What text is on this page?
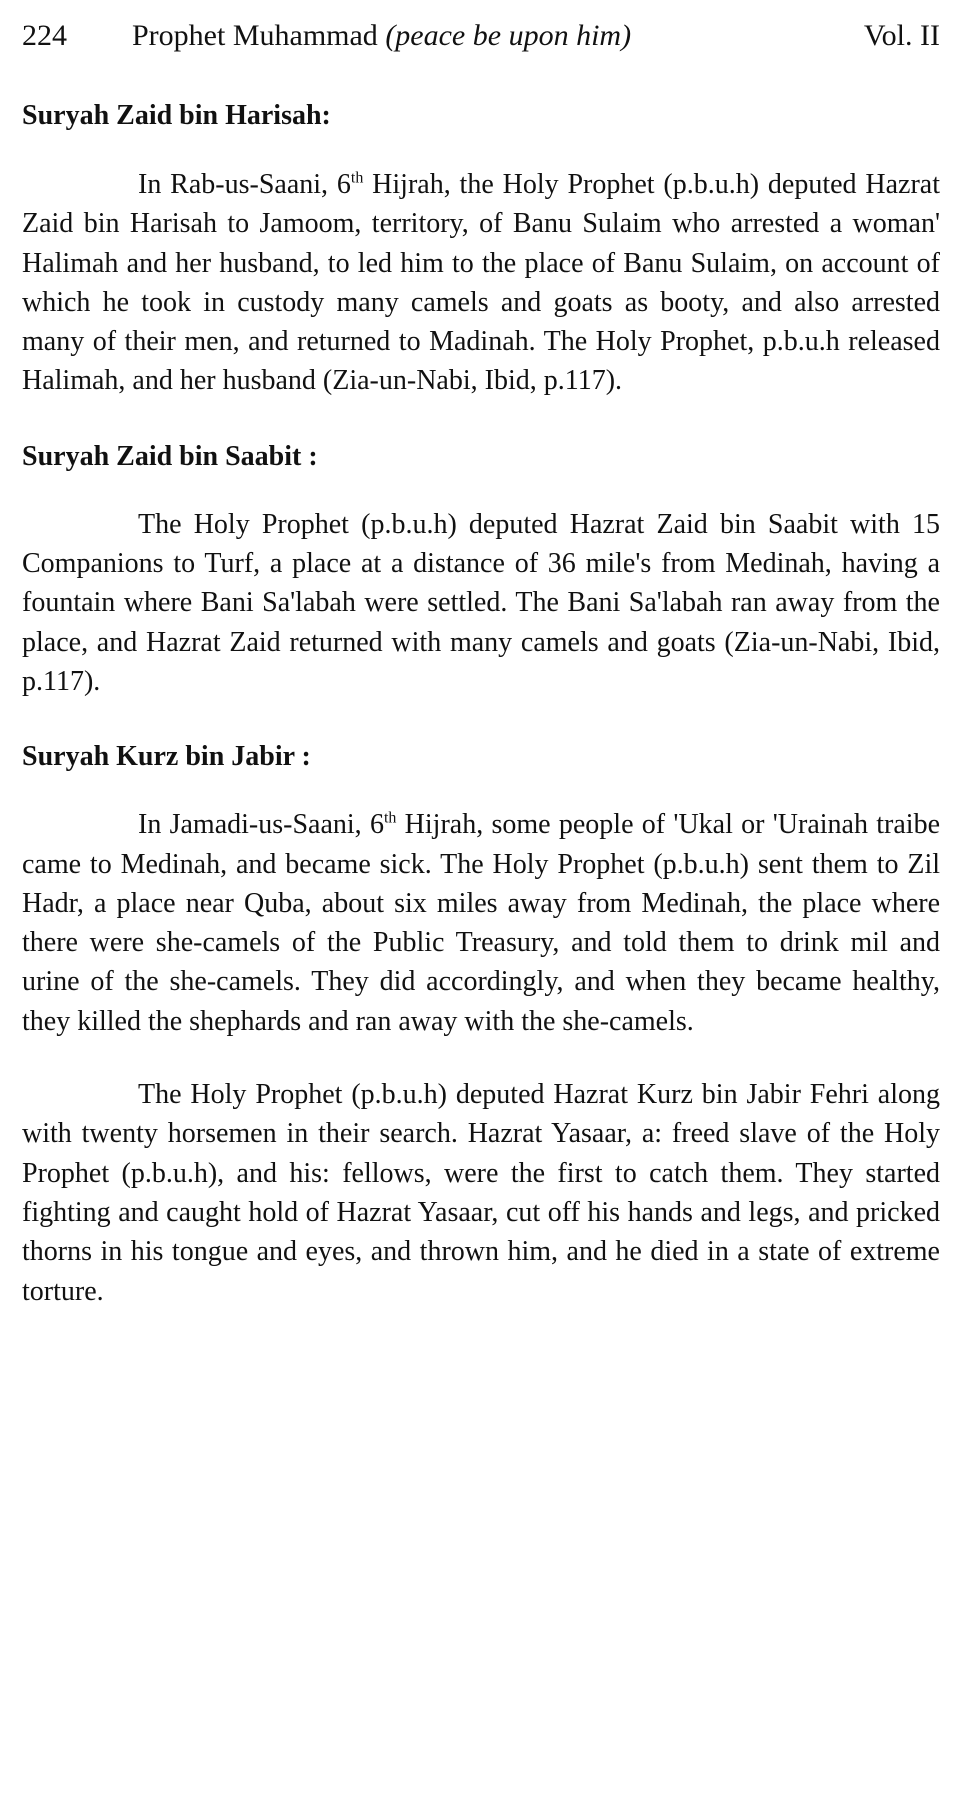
224	Prophet Muhammad (peace be upon him)	Vol. II
Suryah Zaid bin Harisah:

In Rab-us-Saani, 6th Hijrah, the Holy Prophet (p.b.u.h) deputed Hazrat Zaid bin Harisah to Jamoom, territory, of Banu Sulaim who arrested a woman' Halimah and her husband, to led him to the place of Banu Sulaim, on account of which he took in custody many camels and goats as booty, and also arrested many of their men, and returned to Madinah. The Holy Prophet, p.b.u.h released Halimah, and her husband (Zia-un-Nabi, Ibid, p.117).

Suryah Zaid bin Saabit :

The Holy Prophet (p.b.u.h) deputed Hazrat Zaid bin Saabit with 15 Companions to Turf, a place at a distance of 36 mile's from Medinah, having a fountain where Bani Sa'labah were settled. The Bani Sa'labah ran away from the place, and Hazrat Zaid returned with many camels and goats (Zia-un-Nabi, Ibid, p.117).

Suryah Kurz bin Jabir :

In Jamadi-us-Saani, 6th Hijrah, some people of 'Ukal or 'Urainah traibe came to Medinah, and became sick. The Holy Prophet (p.b.u.h) sent them to Zil Hadr, a place near Quba, about six miles away from Medinah, the place where there were she-camels of the Public Treasury, and told them to drink mil and urine of the she-camels. They did accordingly, and when they became healthy, they killed the shephards and ran away with the she-camels.

The Holy Prophet (p.b.u.h) deputed Hazrat Kurz bin Jabir Fehri along with twenty horsemen in their search. Hazrat Yasaar, a: freed slave of the Holy Prophet (p.b.u.h), and his: fellows, were the first to catch them. They started fighting and caught hold of Hazrat Yasaar, cut off his hands and legs, and pricked thorns in his tongue and eyes, and thrown him, and he died in a state of extreme torture.
